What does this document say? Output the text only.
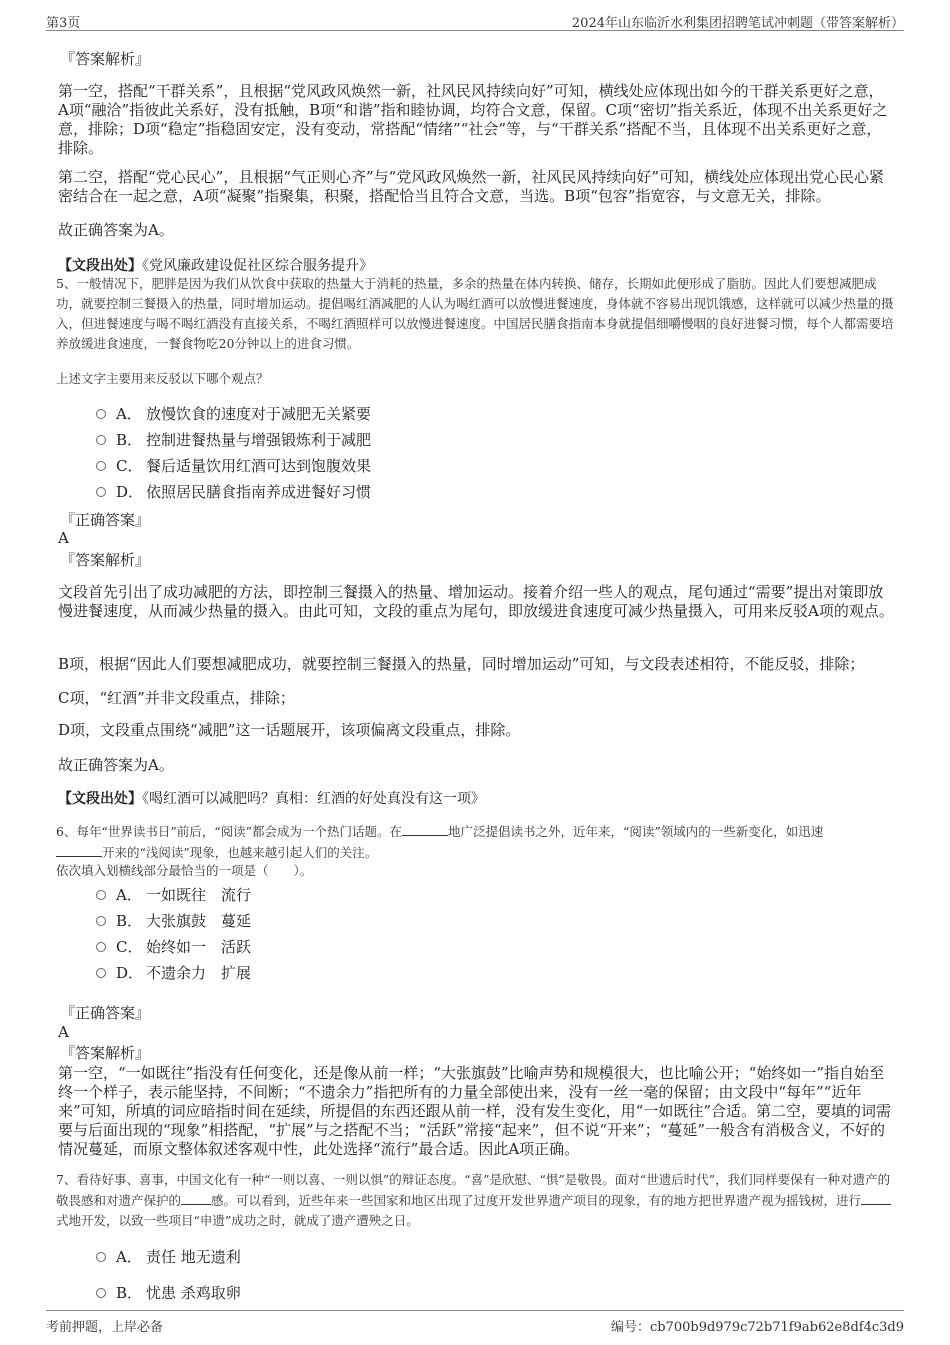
第3页	2024年山东临沂水利集团招聘笔试冲刺题（带答案解析）
『答案解析』
第一空，搭配“干群关系”，且根据“党风政风焕然一新，社风民风持续向好”可知，横线处应体现出如今的干群关系更好之意，A项“融洽”指彼此关系好，没有抵触，B项“和谐”指和睦协调，均符合文意，保留。C项“密切”指关系近，体现不出关系更好之意，排除；D项“稳定”指稳固安定，没有变动，常搭配“情绪”“社会”等，与“干群关系”搭配不当，且体现不出关系更好之意，排除。
第二空，搭配“党心民心”，且根据“气正则心齐”与“党风政风焕然一新，社风民风持续向好”可知，横线处应体现出党心民心紧密结合在一起之意，A项“凝聚”指聚集，积聚，搭配恰当且符合文意，当选。B项“包容”指宽容，与文意无关，排除。
故正确答案为A。
【文段出处】《党风廉政建设促社区综合服务提升》
5、一般情况下，肥胖是因为我们从饮食中获取的热量大于消耗的热量，多余的热量在体内转换、储存，长期如此便形成了脂肪。因此人们要想减肥成功，就要控制三餐摄入的热量，同时增加运动。提倡喝红酒减肥的人认为喝红酒可以放慢进餐速度，身体就不容易出现饥饿感，这样就可以减少热量的摄入，但进餐速度与喝不喝红酒没有直接关系，不喝红酒照样可以放慢进餐速度。中国居民膳食指南本身就提倡细嚼慢咽的良好进餐习惯，每个人都需要培养放缓进食速度，一餐食物吃20分钟以上的进食习惯。
上述文字主要用来反驳以下哪个观点？
A． 放慢饮食的速度对于减肥无关紧要
B． 控制进餐热量与增强锻炼利于减肥
C． 餐后适量饮用红酒可达到饱腹效果
D． 依照居民膳食指南养成进餐好习惯
『正确答案』
A
『答案解析』
文段首先引出了成功减肥的方法，即控制三餐摄入的热量、增加运动。接着介绍一些人的观点，尾句通过“需要”提出对策即放慢进餐速度，从而减少热量的摄入。由此可知，文段的重点为尾句，即放缓进食速度可减少热量摄入，可用来反驳A项的观点。
B项，根据“因此人们要想减肥成功，就要控制三餐摄入的热量，同时增加运动”可知，与文段表述相符，不能反驳，排除；
C项，“红酒”并非文段重点，排除；
D项，文段重点围绕“减肥”这一话题展开，该项偏离文段重点，排除。
故正确答案为A。
【文段出处】《喝红酒可以减肥吗？真相：红酒的好处真没有这一项》
6、每年“世界读书日”前后，“阅读”都会成为一个热门话题。在	地广泛提倡读书之外，近年来，“阅读”领域内的一些新变化，如迅速
开来的“浅阅读”现象，也越来越引起人们的关注。
依次填入划横线部分最恰当的一项是（　　）。
A． 一如既往　流行
B． 大张旗鼓　蔓延
C． 始终如一　活跃
D． 不遗余力　扩展
『正确答案』
A
『答案解析』
第一空，“一如既往”指没有任何变化，还是像从前一样；“大张旗鼓”比喻声势和规模很大，也比喻公开；“始终如一”指自始至终一个样子，表示能坚持，不间断；“不遗余力”指把所有的力量全部使出来，没有一丝一毫的保留；由文段中“每年”“近年来”可知，所填的词应暗指时间在延续，所提倡的东西还跟从前一样，没有发生变化，用“一如既往”合适。第二空，要填的词需要与后面出现的“现象”相搭配，“扩展”与之搭配不当；“活跃”常接“起来”，但不说“开来”；“蔓延”一般含有消极含义，不好的情况蔓延，而原文整体叙述客观中性，此处选择“流行”最合适。因此A项正确。
7、看待好事、喜事，中国文化有一种“一则以喜、一则以惧”的辩证态度。“喜”是欣慰、“惧”是敬畏。面对“世遗后时代”，我们同样要保有一种对遗产的敬畏感和对遗产保护的 感。可以看到，近些年来一些国家和地区出现了过度开发世界遗产项目的现象，有的地方把世界遗产视为摇钱树，进行式地开发，以致一些项目“申遗”成功之时，就成了遗产遭殃之日。
A． 责任 地无遗利
B． 忧患 杀鸡取卵
考前押题，上岸必备	编号：cb700b9d979c72b71f9ab62e8df4c3d9
